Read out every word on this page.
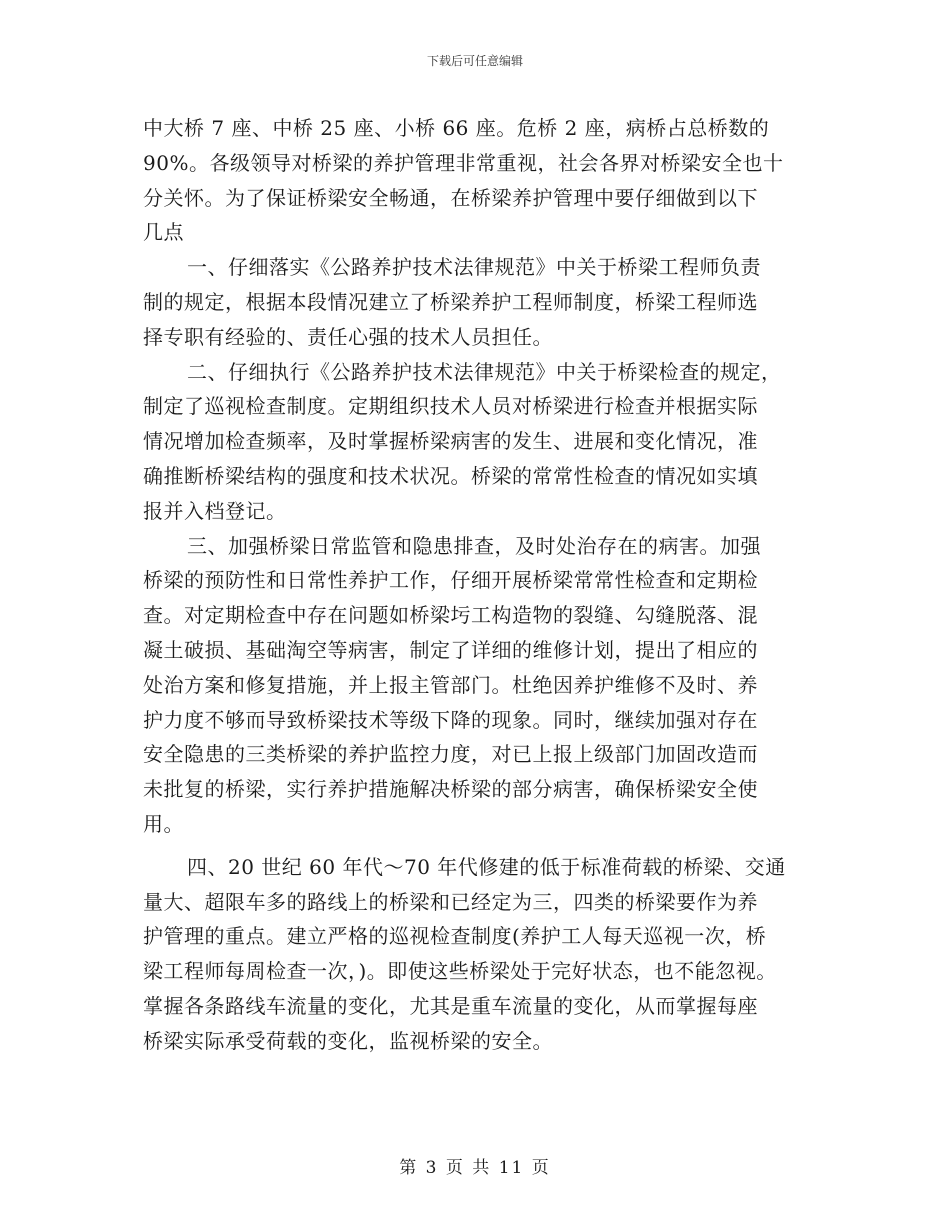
下载后可任意编辑
中大桥 7 座、中桥 25 座、小桥 66 座。危桥 2 座，病桥占总桥数的
90%。各级领导对桥梁的养护管理非常重视，社会各界对桥梁安全也十
分关怀。为了保证桥梁安全畅通，在桥梁养护管理中要仔细做到以下
几点
一、仔细落实《公路养护技术法律规范》中关于桥梁工程师负责
制的规定，根据本段情况建立了桥梁养护工程师制度，桥梁工程师选
择专职有经验的、责任心强的技术人员担任。
二、仔细执行《公路养护技术法律规范》中关于桥梁检查的规定，
制定了巡视检查制度。定期组织技术人员对桥梁进行检查并根据实际
情况增加检查频率，及时掌握桥梁病害的发生、进展和变化情况，准
确推断桥梁结构的强度和技术状况。桥梁的常常性检查的情况如实填
报并入档登记。
三、加强桥梁日常监管和隐患排查，及时处治存在的病害。加强
桥梁的预防性和日常性养护工作，仔细开展桥梁常常性检查和定期检
查。对定期检查中存在问题如桥梁圬工构造物的裂缝、勾缝脱落、混
凝土破损、基础淘空等病害，制定了详细的维修计划，提出了相应的
处治方案和修复措施，并上报主管部门。杜绝因养护维修不及时、养
护力度不够而导致桥梁技术等级下降的现象。同时，继续加强对存在
安全隐患的三类桥梁的养护监控力度，对已上报上级部门加固改造而
未批复的桥梁，实行养护措施解决桥梁的部分病害，确保桥梁安全使
用。
四、20 世纪 60 年代～70 年代修建的低于标准荷载的桥梁、交通
量大、超限车多的路线上的桥梁和已经定为三，四类的桥梁要作为养
护管理的重点。建立严格的巡视检查制度(养护工人每天巡视一次，桥
梁工程师每周检查一次，)。即使这些桥梁处于完好状态，也不能忽视。
掌握各条路线车流量的变化，尤其是重车流量的变化，从而掌握每座
桥梁实际承受荷载的变化，监视桥梁的安全。
第 3 页 共 11 页
